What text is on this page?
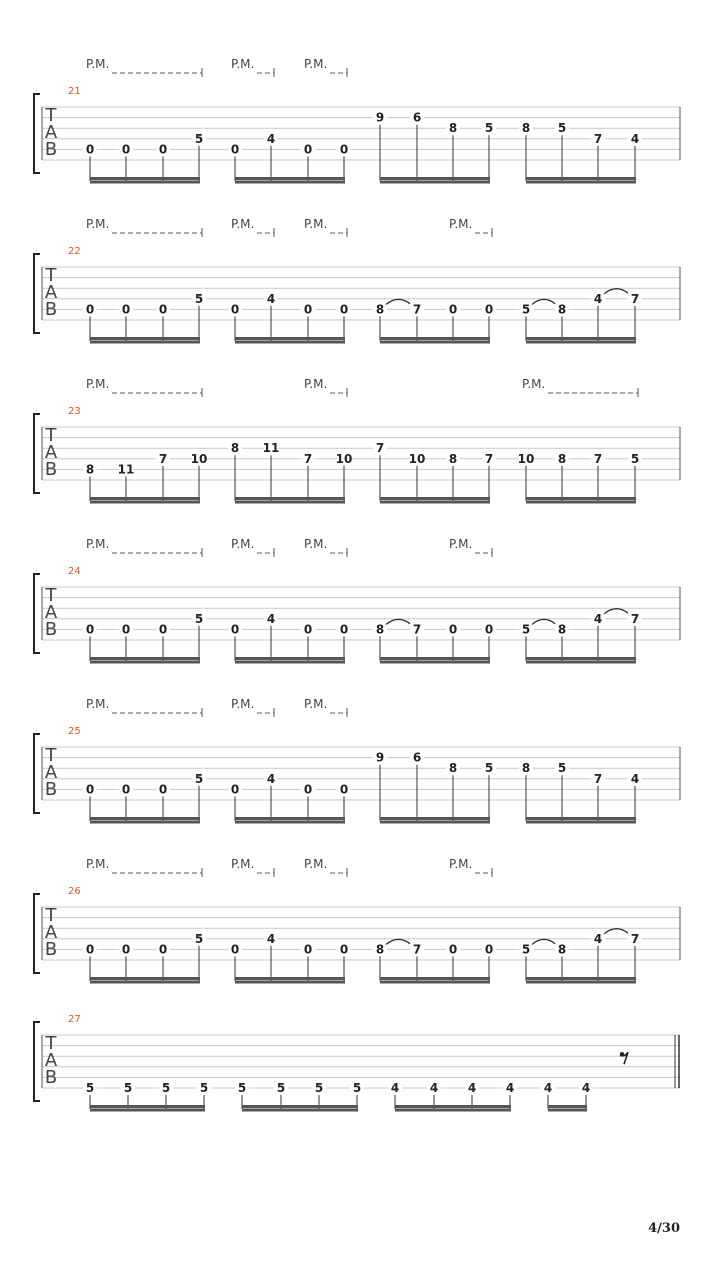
T
A
B
21
P.M.	P.M.	P.M.
0 0 0
5
0
4
0 0
9 6
8 5 8 5
7 4
T
A
B
22
P.M.	P.M.	P.M.	P.M.
0 0 0
5
0
4
0 0 8 7 0 0 5 8
4 7
T
A
B
23
P.M.	P.M.	P.M.
8 11
7 10
8 11
7 10
7
10 8 7 10 8 7 5
T
A
B
24
P.M.	P.M.	P.M.	P.M.
0 0 0
5
0
4
0 0 8 7 0 0 5 8
4 7
T
A
B
25
P.M.	P.M.	P.M.
0 0 0
5
0
4
0 0
9 6
8 5 8 5
7 4
T
A
B
26
P.M.	P.M.	P.M.	P.M.
0 0 0
5
0
4
0 0 8 7 0 0 5 8
4 7
T
A
B
27
5 5 5 5 5	5 5 5 4	4 4 4 4 4
4/30
